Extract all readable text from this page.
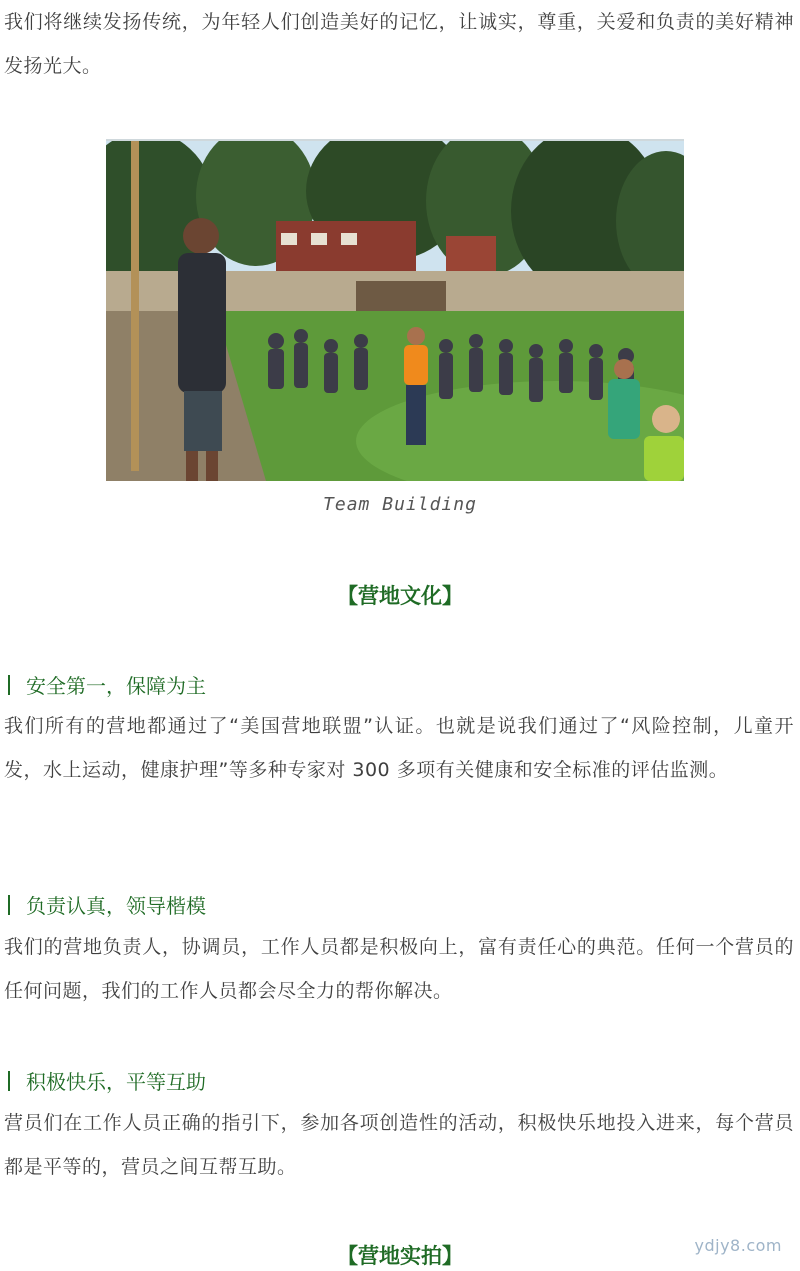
我们将继续发扬传统，为年轻人们创造美好的记忆，让诚实，尊重，关爱和负责的美好精神发扬光大。

Team Building
【营地文化】
安全第一，保障为主

我们所有的营地都通过了“美国营地联盟”认证。也就是说我们通过了“风险控制，儿童开发，水上运动，健康护理”等多种专家对 300 多项有关健康和安全标准的评估监测。

负责认真，领导楷模

我们的营地负责人，协调员，工作人员都是积极向上，富有责任心的典范。任何一个营员的任何问题，我们的工作人员都会尽全力的帮你解决。

积极快乐，平等互助

营员们在工作人员正确的指引下，参加各项创造性的活动，积极快乐地投入进来，每个营员都是平等的，营员之间互帮互助。

【营地实拍】	ydjy8.com
